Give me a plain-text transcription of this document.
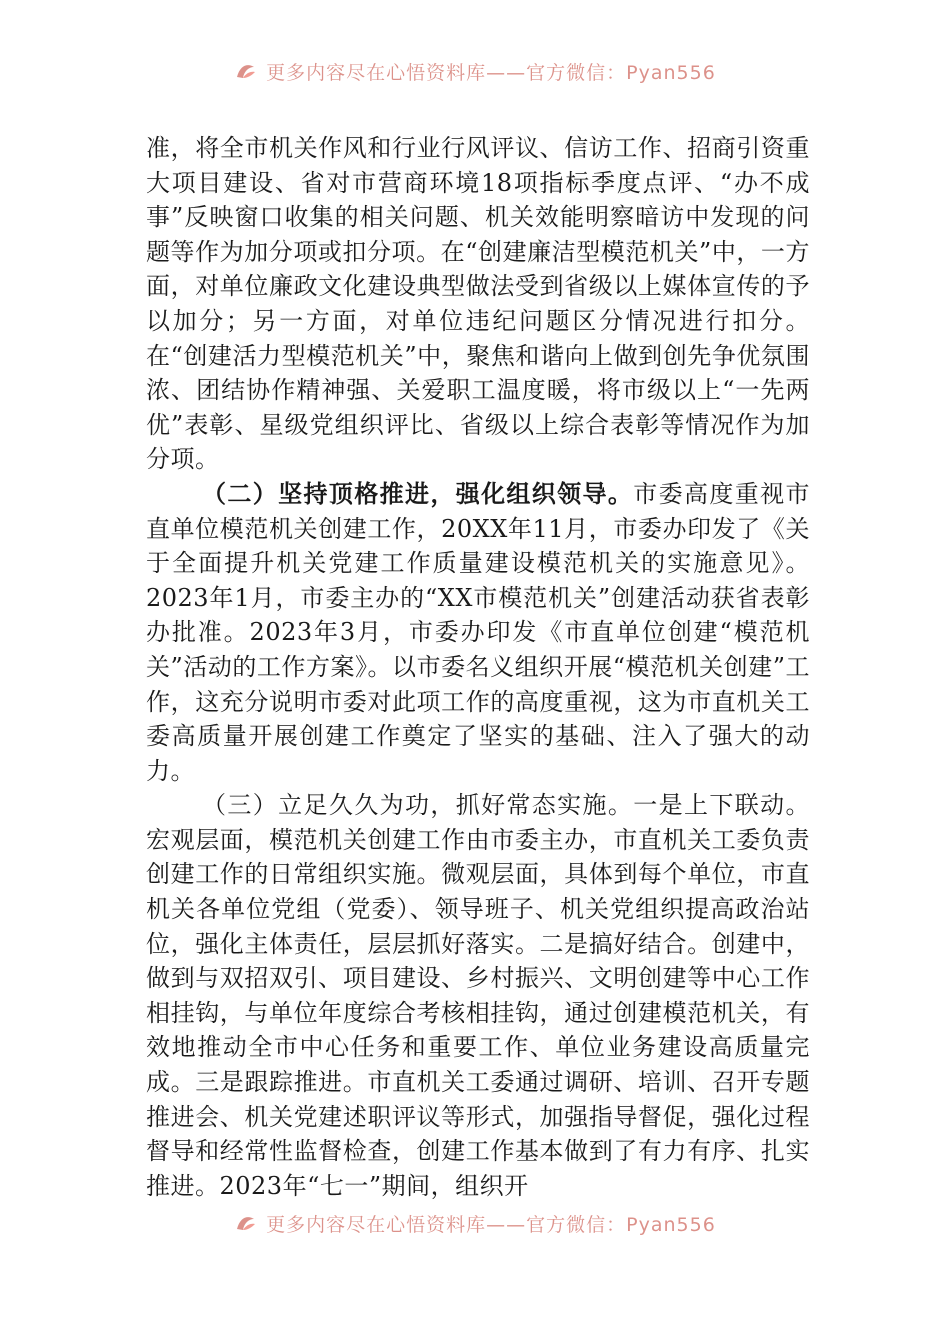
更多内容尽在心悟资料库——官方微信：Pyan556

准，将全市机关作风和行业行风评议、信访工作、招商引资重大项目建设、省对市营商环境18项指标季度点评、“办不成事”反映窗口收集的相关问题、机关效能明察暗访中发现的问题等作为加分项或扣分项。在“创建廉洁型模范机关”中，一方面，对单位廉政文化建设典型做法受到省级以上媒体宣传的予以加分；另一方面，对单位违纪问题区分情况进行扣分。在“创建活力型模范机关”中，聚焦和谐向上做到创先争优氛围浓、团结协作精神强、关爱职工温度暖，将市级以上“一先两优”表彰、星级党组织评比、省级以上综合表彰等情况作为加分项。

（二）坚持顶格推进，强化组织领导。市委高度重视市直单位模范机关创建工作，20XX年11月，市委办印发了《关于全面提升机关党建工作质量建设模范机关的实施意见》。2023年1月，市委主办的“XX市模范机关”创建活动获省表彰办批准。2023年3月，市委办印发《市直单位创建“模范机关”活动的工作方案》。以市委名义组织开展“模范机关创建”工作，这充分说明市委对此项工作的高度重视，这为市直机关工委高质量开展创建工作奠定了坚实的基础、注入了强大的动力。

（三）立足久久为功，抓好常态实施。一是上下联动。宏观层面，模范机关创建工作由市委主办，市直机关工委负责创建工作的日常组织实施。微观层面，具体到每个单位，市直机关各单位党组（党委）、领导班子、机关党组织提高政治站位，强化主体责任，层层抓好落实。二是搞好结合。创建中，做到与双招双引、项目建设、乡村振兴、文明创建等中心工作相挂钩，与单位年度综合考核相挂钩，通过创建模范机关，有效地推动全市中心任务和重要工作、单位业务建设高质量完成。三是跟踪推进。市直机关工委通过调研、培训、召开专题推进会、机关党建述职评议等形式，加强指导督促，强化过程督导和经常性监督检查，创建工作基本做到了有力有序、扎实推进。2023年“七一”期间，组织开

更多内容尽在心悟资料库——官方微信：Pyan556
